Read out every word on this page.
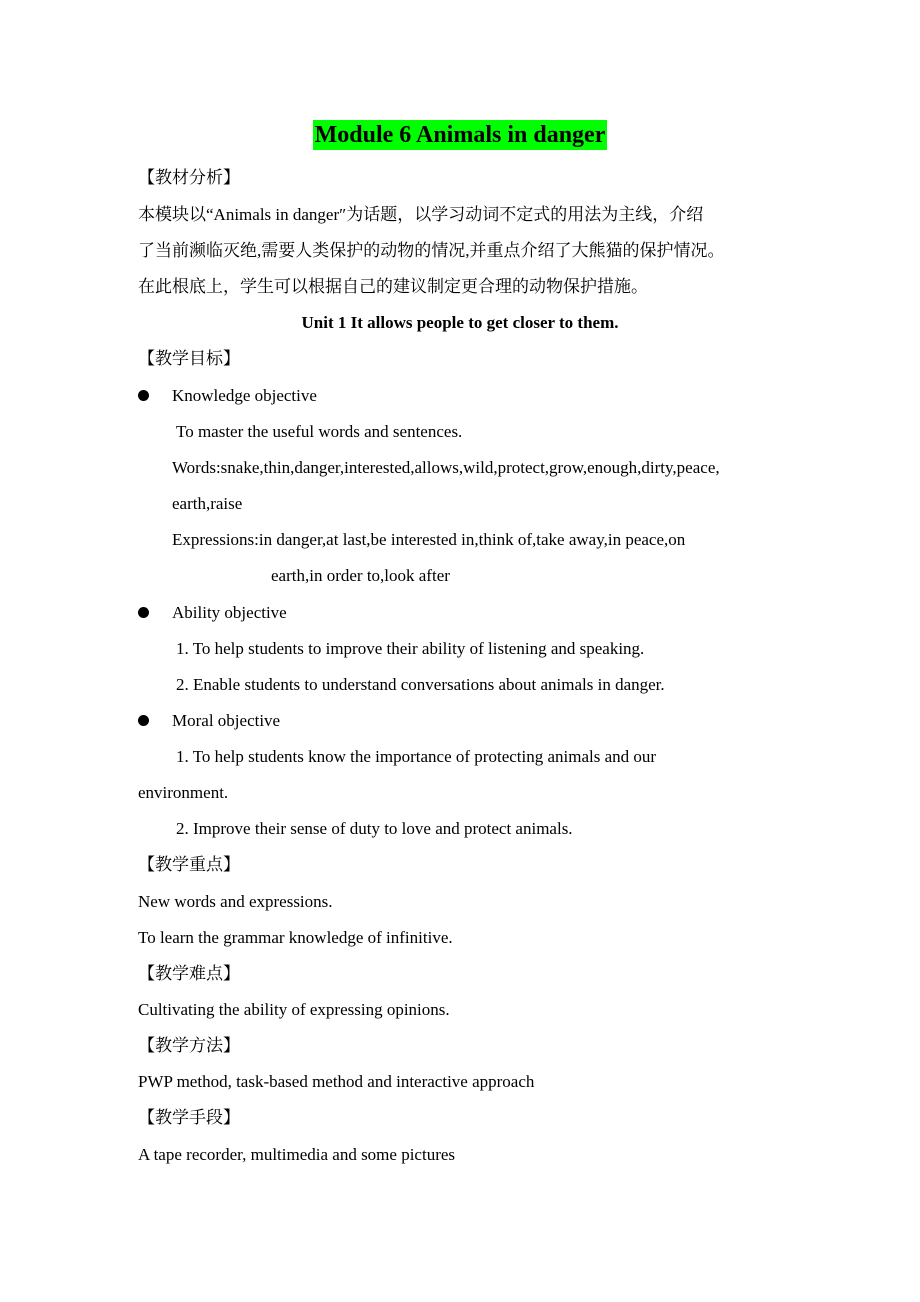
Module 6 Animals in danger
【教材分析】
本模块以“Animals in danger″为话题，以学习动词不定式的用法为主线，介绍
了当前濒临灭绝,需要人类保护的动物的情况,并重点介绍了大熊猫的保护情况。
在此根底上，学生可以根据自己的建议制定更合理的动物保护措施。
Unit 1 It allows people to get closer to them.
【教学目标】
Knowledge objective
To master the useful words and sentences.
Words:snake,thin,danger,interested,allows,wild,protect,grow,enough,dirty,peace,
earth,raise
Expressions:in danger,at last,be interested in,think of,take away,in peace,on
earth,in order to,look after
Ability objective
1. To help students to improve their ability of listening and speaking.
2. Enable students to understand conversations about animals in danger.
Moral objective
1. To help students know the importance of protecting animals and our
environment.
2. Improve their sense of duty to love and protect animals.
【教学重点】
New words and expressions.
To learn the grammar knowledge of infinitive.
【教学难点】
Cultivating the ability of expressing opinions.
【教学方法】
PWP method, task-based method and interactive approach
【教学手段】
A tape recorder, multimedia and some pictures
